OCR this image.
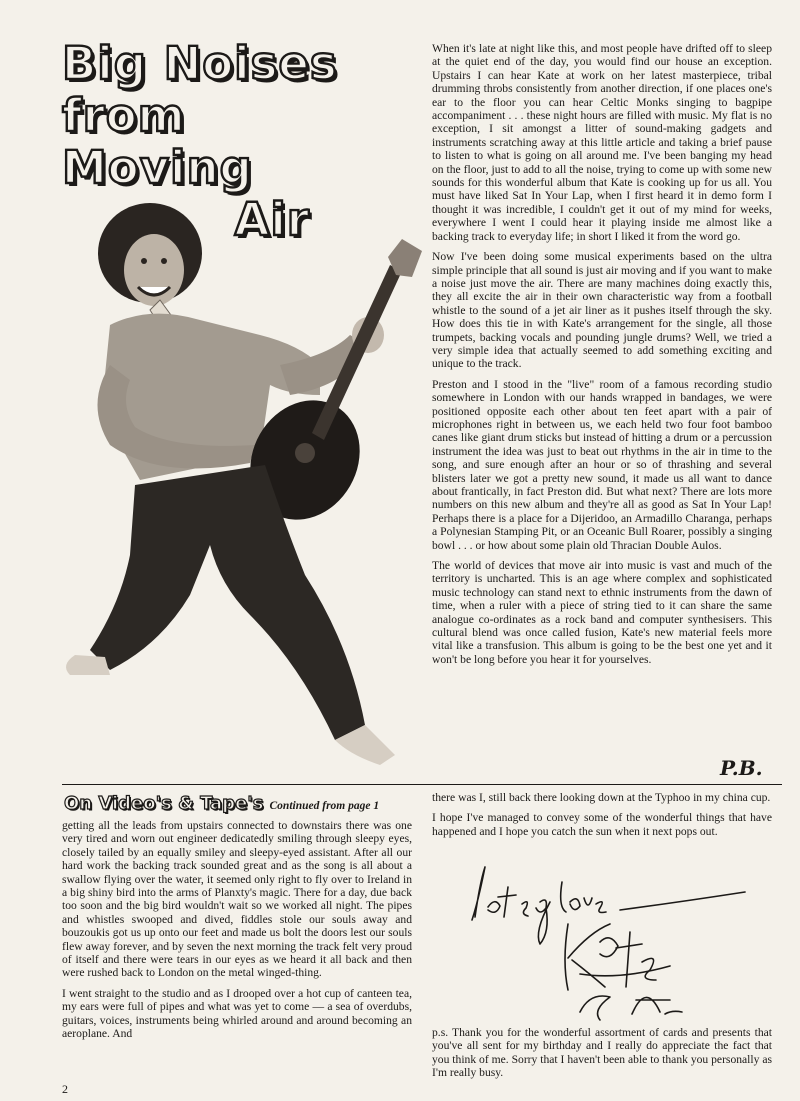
Big Noises
from Moving
Air

When it's late at night like this, and most people have drifted off to sleep at the quiet end of the day, you would find our house an exception. Upstairs I can hear Kate at work on her latest masterpiece, tribal drumming throbs consistently from another direction, if one places one's ear to the floor you can hear Celtic Monks singing to bagpipe accompaniment . . . these night hours are filled with music. My flat is no exception, I sit amongst a litter of sound-making gadgets and instruments scratching away at this little article and taking a brief pause to listen to what is going on all around me. I've been banging my head on the floor, just to add to all the noise, trying to come up with some new sounds for this wonderful album that Kate is cooking up for us all. You must have liked Sat In Your Lap, when I first heard it in demo form I thought it was incredible, I couldn't get it out of my mind for weeks, everywhere I went I could hear it playing inside me almost like a backing track to everyday life; in short I liked it from the word go.

Now I've been doing some musical experiments based on the ultra simple principle that all sound is just air moving and if you want to make a noise just move the air. There are many machines doing exactly this, they all excite the air in their own characteristic way from a football whistle to the sound of a jet air liner as it pushes itself through the sky. How does this tie in with Kate's arrangement for the single, all those trumpets, backing vocals and pounding jungle drums? Well, we tried a very simple idea that actually seemed to add something exciting and unique to the track.

Preston and I stood in the "live" room of a famous recording studio somewhere in London with our hands wrapped in bandages, we were positioned opposite each other about ten feet apart with a pair of microphones right in between us, we each held two four foot bamboo canes like giant drum sticks but instead of hitting a drum or a percussion instrument the idea was just to beat out rhythms in the air in time to the song, and sure enough after an hour or so of thrashing and several blisters later we got a pretty new sound, it made us all want to dance about frantically, in fact Preston did. But what next? There are lots more numbers on this new album and they're all as good as Sat In Your Lap! Perhaps there is a place for a Dijeridoo, an Armadillo Charanga, perhaps a Polynesian Stamping Pit, or an Oceanic Bull Roarer, possibly a singing bowl . . . or how about some plain old Thracian Double Aulos.

The world of devices that move air into music is vast and much of the territory is uncharted. This is an age where complex and sophisticated music technology can stand next to ethnic instruments from the dawn of time, when a ruler with a piece of string tied to it can share the same analogue co-ordinates as a rock band and computer synthesisers. This cultural blend was once called fusion, Kate's new material feels more vital like a transfusion. This album is going to be the best one yet and it won't be long before you hear it for yourselves.

P.B.
On Video's & Tape's Continued from page 1

getting all the leads from upstairs connected to downstairs there was one very tired and worn out engineer dedicatedly smiling through sleepy eyes, closely tailed by an equally smiley and sleepy-eyed assistant. After all our hard work the backing track sounded great and as the song is all about a swallow flying over the water, it seemed only right to fly over to Ireland in a big shiny bird into the arms of Planxty's magic. There for a day, due back too soon and the big bird wouldn't wait so we worked all night. The pipes and whistles swooped and dived, fiddles stole our souls away and bouzoukis got us up onto our feet and made us bolt the doors lest our souls flew away forever, and by seven the next morning the track felt very proud of itself and there were tears in our eyes as we heard it all back and then were rushed back to London on the metal winged-thing.

I went straight to the studio and as I drooped over a hot cup of canteen tea, my ears were full of pipes and what was yet to come — a sea of overdubs, guitars, voices, instruments being whirled around and around becoming an aeroplane. And

there was I, still back there looking down at the Typhoo in my china cup.

I hope I've managed to convey some of the wonderful things that have happened and I hope you catch the sun when it next pops out.

p.s. Thank you for the wonderful assortment of cards and presents that you've all sent for my birthday and I really do appreciate the fact that you think of me. Sorry that I haven't been able to thank you personally as I'm really busy.
2
